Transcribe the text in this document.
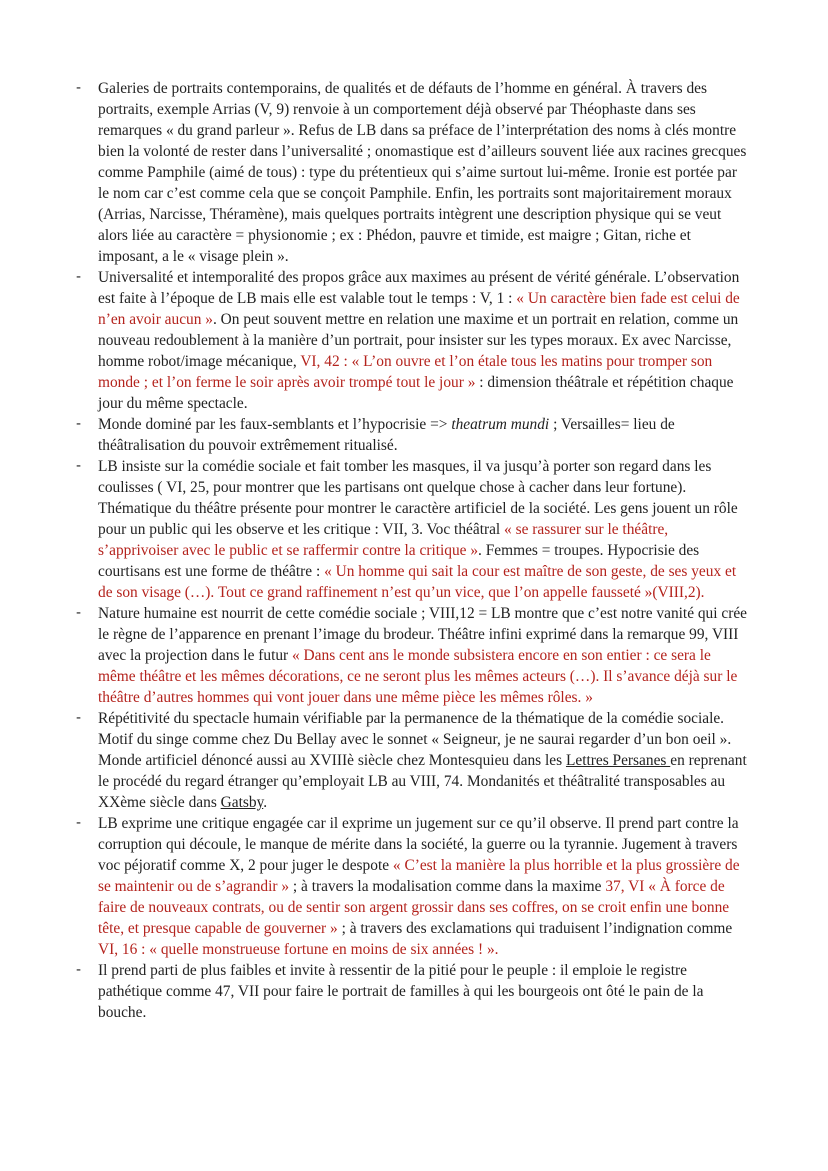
- Galeries de portraits contemporains, de qualités et de défauts de l’homme en général. À travers des portraits, exemple Arrias (V, 9) renvoie à un comportement déjà observé par Théophaste dans ses remarques « du grand parleur ». Refus de LB dans sa préface de l’interprétation des noms à clés montre bien la volonté de rester dans l’universalité ; onomastique est d’ailleurs souvent liée aux racines grecques comme Pamphile (aimé de tous) : type du prétentieux qui s’aime surtout lui-même. Ironie est portée par le nom car c’est comme cela que se conçoit Pamphile. Enfin, les portraits sont majoritairement moraux (Arrias, Narcisse, Théramène), mais quelques portraits intègrent une description physique qui se veut alors liée au caractère = physionomie ; ex : Phédon, pauvre et timide, est maigre ; Gitan, riche et imposant, a le « visage plein ».
- Universalité et intemporalité des propos grâce aux maximes au présent de vérité générale. L’observation est faite à l’époque de LB mais elle est valable tout le temps : V, 1 : « Un caractère bien fade est celui de n’en avoir aucun ». On peut souvent mettre en relation une maxime et un portrait en relation, comme un nouveau redoublement à la manière d’un portrait, pour insister sur les types moraux. Ex avec Narcisse, homme robot/image mécanique, VI, 42 : « L’on ouvre et l’on étale tous les matins pour tromper son monde ; et l’on ferme le soir après avoir trompé tout le jour » : dimension théâtrale et répétition chaque jour du même spectacle.
- Monde dominé par les faux-semblants et l’hypocrisie => theatrum mundi ; Versailles= lieu de théâtralisation du pouvoir extrêmement ritualisé.
- LB insiste sur la comédie sociale et fait tomber les masques, il va jusqu’à porter son regard dans les coulisses ( VI, 25, pour montrer que les partisans ont quelque chose à cacher dans leur fortune). Thématique du théâtre présente pour montrer le caractère artificiel de la société. Les gens jouent un rôle pour un public qui les observe et les critique : VII, 3. Voc théâtral « se rassurer sur le théâtre, s’apprivoiser avec le public et se raffermir contre la critique ». Femmes = troupes. Hypocrisie des courtisans est une forme de théâtre : « Un homme qui sait la cour est maître de son geste, de ses yeux et de son visage (…). Tout ce grand raffinement n’est qu’un vice, que l’on appelle fausseté »(VIII,2).
- Nature humaine est nourrit de cette comédie sociale ; VIII,12 = LB montre que c’est notre vanité qui crée le règne de l’apparence en prenant l’image du brodeur. Théâtre infini exprimé dans la remarque 99, VIII avec la projection dans le futur « Dans cent ans le monde subsistera encore en son entier : ce sera le même théâtre et les mêmes décorations, ce ne seront plus les mêmes acteurs (…). Il s’avance déjà sur le théâtre d’autres hommes qui vont jouer dans une même pièce les mêmes rôles. »
- Répétitivité du spectacle humain vérifiable par la permanence de la thématique de la comédie sociale. Motif du singe comme chez Du Bellay avec le sonnet « Seigneur, je ne saurai regarder d’un bon oeil ». Monde artificiel dénoncé aussi au XVIIIè siècle chez Montesquieu dans les Lettres Persanes en reprenant le procédé du regard étranger qu’employait LB au VIII, 74. Mondanités et théâtralité transposables au XXème siècle dans Gatsby.
- LB exprime une critique engagée car il exprime un jugement sur ce qu’il observe. Il prend part contre la corruption qui découle, le manque de mérite dans la société, la guerre ou la tyrannie. Jugement à travers voc péjoratif comme X, 2 pour juger le despote « C’est la manière la plus horrible et la plus grossière de se maintenir ou de s’agrandir » ; à travers la modalisation comme dans la maxime 37, VI « À force de faire de nouveaux contrats, ou de sentir son argent grossir dans ses coffres, on se croit enfin une bonne tête, et presque capable de gouverner » ; à travers des exclamations qui traduisent l’indignation comme VI, 16 : « quelle monstrueuse fortune en moins de six années ! ».
- Il prend parti de plus faibles et invite à ressentir de la pitié pour le peuple : il emploie le registre pathétique comme 47, VII pour faire le portrait de familles à qui les bourgeois ont ôté le pain de la bouche.
